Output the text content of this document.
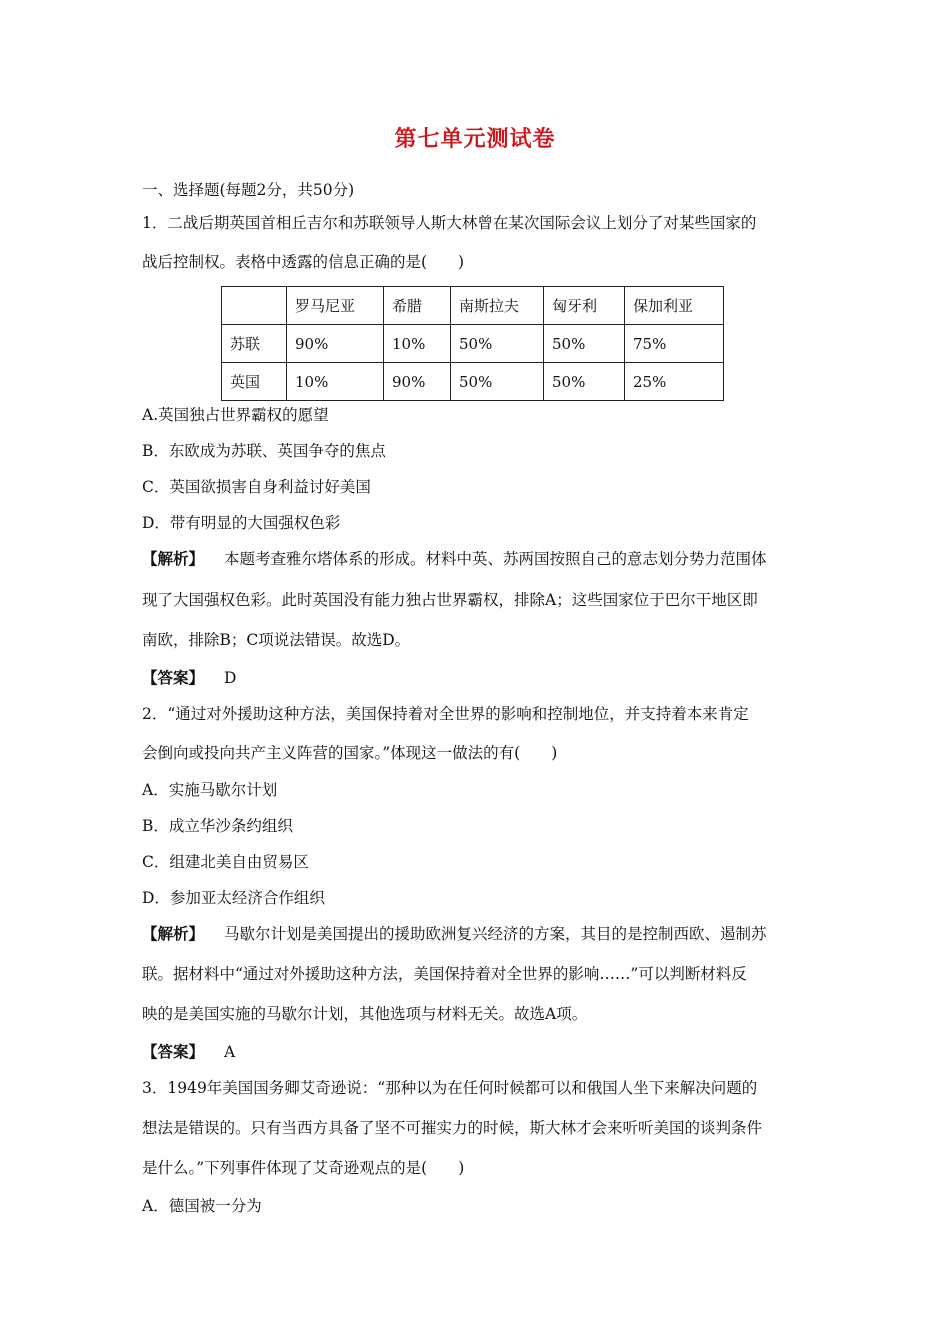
第七单元测试卷
一、选择题(每题2分，共50分)
1．二战后期英国首相丘吉尔和苏联领导人斯大林曾在某次国际会议上划分了对某些国家的
战后控制权。表格中透露的信息正确的是(　　)
	罗马尼亚	希腊	南斯拉夫	匈牙利	保加利亚
苏联	90%	10%	50%	50%	75%
英国	10%	90%	50%	50%	25%
A.英国独占世界霸权的愿望
B．东欧成为苏联、英国争夺的焦点
C．英国欲损害自身利益讨好美国
D．带有明显的大国强权色彩
【解析】 本题考查雅尔塔体系的形成。材料中英、苏两国按照自己的意志划分势力范围体
现了大国强权色彩。此时英国没有能力独占世界霸权，排除A；这些国家位于巴尔干地区即
南欧，排除B；C项说法错误。故选D。
【答案】 D
2．“通过对外援助这种方法，美国保持着对全世界的影响和控制地位，并支持着本来肯定
会倒向或投向共产主义阵营的国家。”体现这一做法的有(　　)
A．实施马歇尔计划
B．成立华沙条约组织
C．组建北美自由贸易区
D．参加亚太经济合作组织
【解析】 马歇尔计划是美国提出的援助欧洲复兴经济的方案，其目的是控制西欧、遏制苏
联。据材料中“通过对外援助这种方法，美国保持着对全世界的影响……”可以判断材料反
映的是美国实施的马歇尔计划，其他选项与材料无关。故选A项。
【答案】 A
3．1949年美国国务卿艾奇逊说：“那种以为在任何时候都可以和俄国人坐下来解决问题的
想法是错误的。只有当西方具备了坚不可摧实力的时候，斯大林才会来听听美国的谈判条件
是什么。”下列事件体现了艾奇逊观点的是(　　)
A．德国被一分为
